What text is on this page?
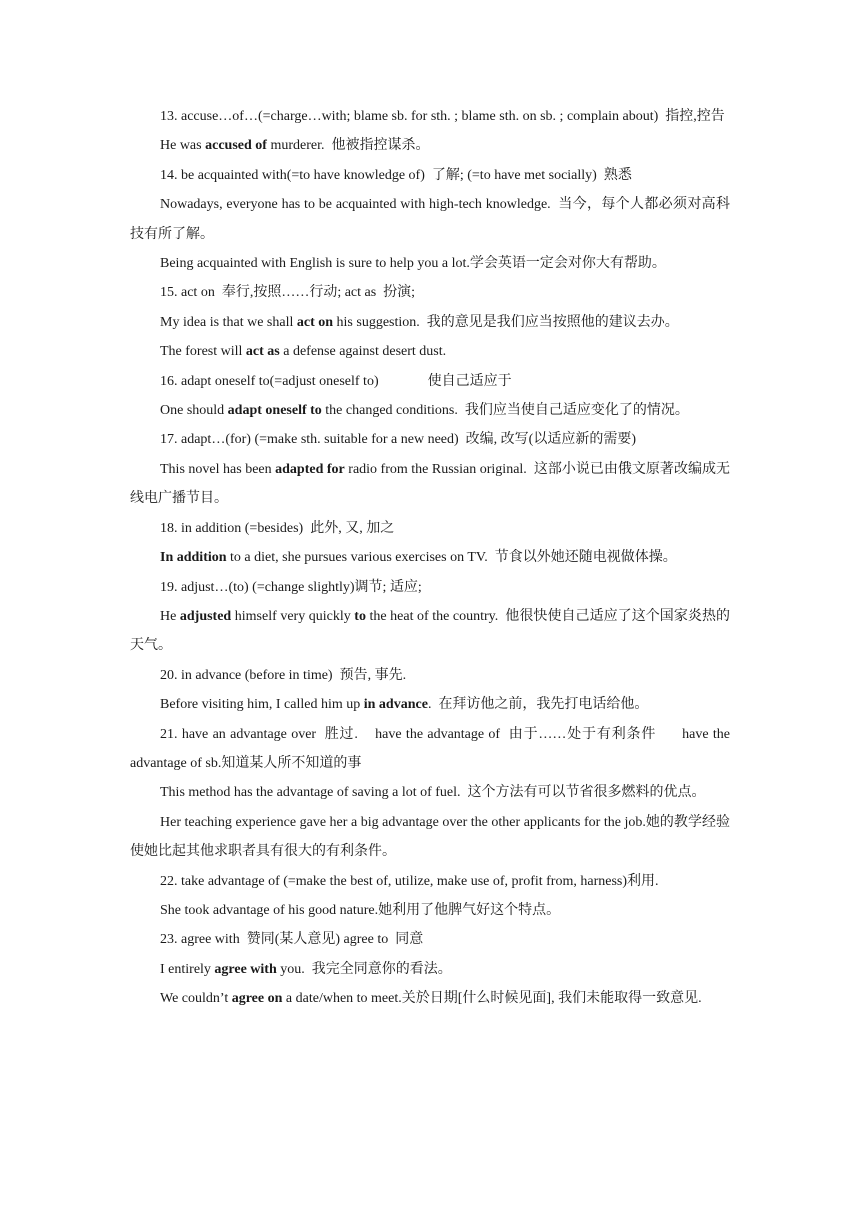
13. accuse…of…(=charge…with; blame sb. for sth. ; blame sth. on sb. ; complain about)  指控,控告

He was accused of murderer.  他被指控谋杀。

14. be acquainted with(=to have knowledge of)  了解; (=to have met socially)  熟悉

Nowadays, everyone has to be acquainted with high-tech knowledge.  当今，每个人都必须对高科技有所了解。

Being acquainted with English is sure to help you a lot.学会英语一定会对你大有帮助。

15. act on  奉行,按照……行动; act as  扮演;

My idea is that we shall act on his suggestion.  我的意见是我们应当按照他的建议去办。

The forest will act as a defense against desert dust.

16. adapt oneself to(=adjust oneself to)              使自己适应于

One should adapt oneself to the changed conditions.  我们应当使自己适应变化了的情况。

17. adapt…(for) (=make sth. suitable for a new need)  改编, 改写(以适应新的需要)

This novel has been adapted for radio from the Russian original.  这部小说已由俄文原著改编成无线电广播节目。

18. in addition (=besides)  此外, 又, 加之

In addition to a diet, she pursues various exercises on TV.  节食以外她还随电视做体操。

19. adjust…(to) (=change slightly)调节; 适应;

He adjusted himself very quickly to the heat of the country.  他很快使自己适应了这个国家炎热的天气。

20. in advance (before in time)  预告, 事先.

Before visiting him, I called him up in advance.  在拜访他之前，我先打电话给他。

21. have an advantage over  胜过.    have the advantage of  由于……处于有利条件      have the advantage of sb.知道某人所不知道的事

This method has the advantage of saving a lot of fuel.  这个方法有可以节省很多燃料的优点。

Her teaching experience gave her a big advantage over the other applicants for the job.她的教学经验使她比起其他求职者具有很大的有利条件。

22. take advantage of (=make the best of, utilize, make use of, profit from, harness)利用.

She took advantage of his good nature.她利用了他脾气好这个特点。

23. agree with  赞同(某人意见) agree to  同意

I entirely agree with you.  我完全同意你的看法。

We couldn’t agree on a date/when to meet.关於日期[什么时候见面], 我们未能取得一致意见.
